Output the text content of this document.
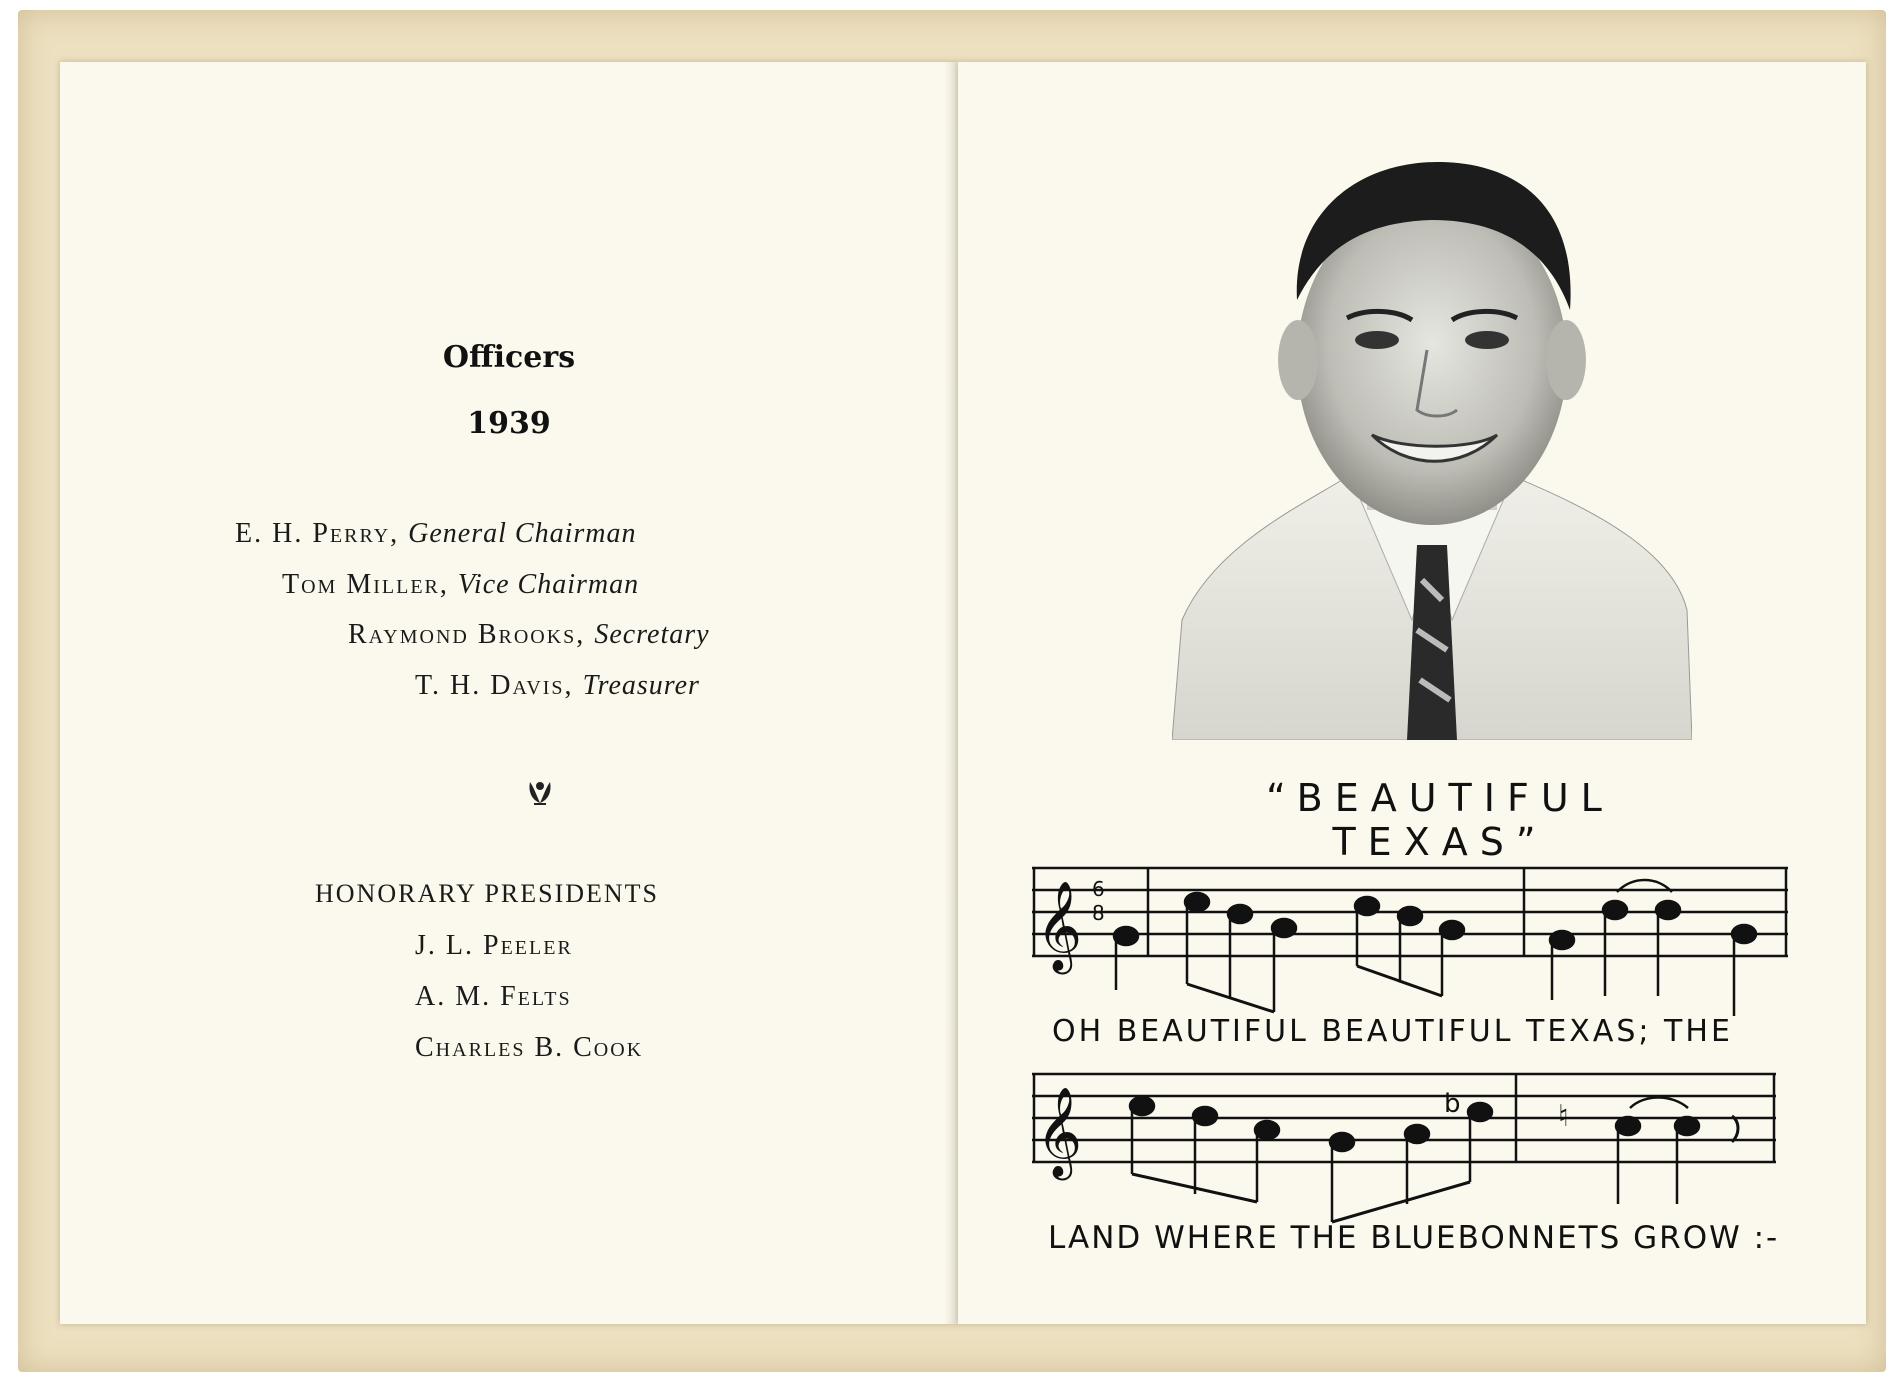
Officers
1939
E. H. Perry, General Chairman
Tom Miller, Vice Chairman
Raymond Brooks, Secretary
T. H. Davis, Treasurer
HONORARY PRESIDENTS
J. L. Peeler
A. M. Felts
Charles B. Cook
“BEAUTIFUL TEXAS”
𝄞 6
8
OH BEAUTIFUL BEAUTIFUL TEXAS; THE
𝄞	b	♮
LAND WHERE THE BLUEBONNETS GROW :-
